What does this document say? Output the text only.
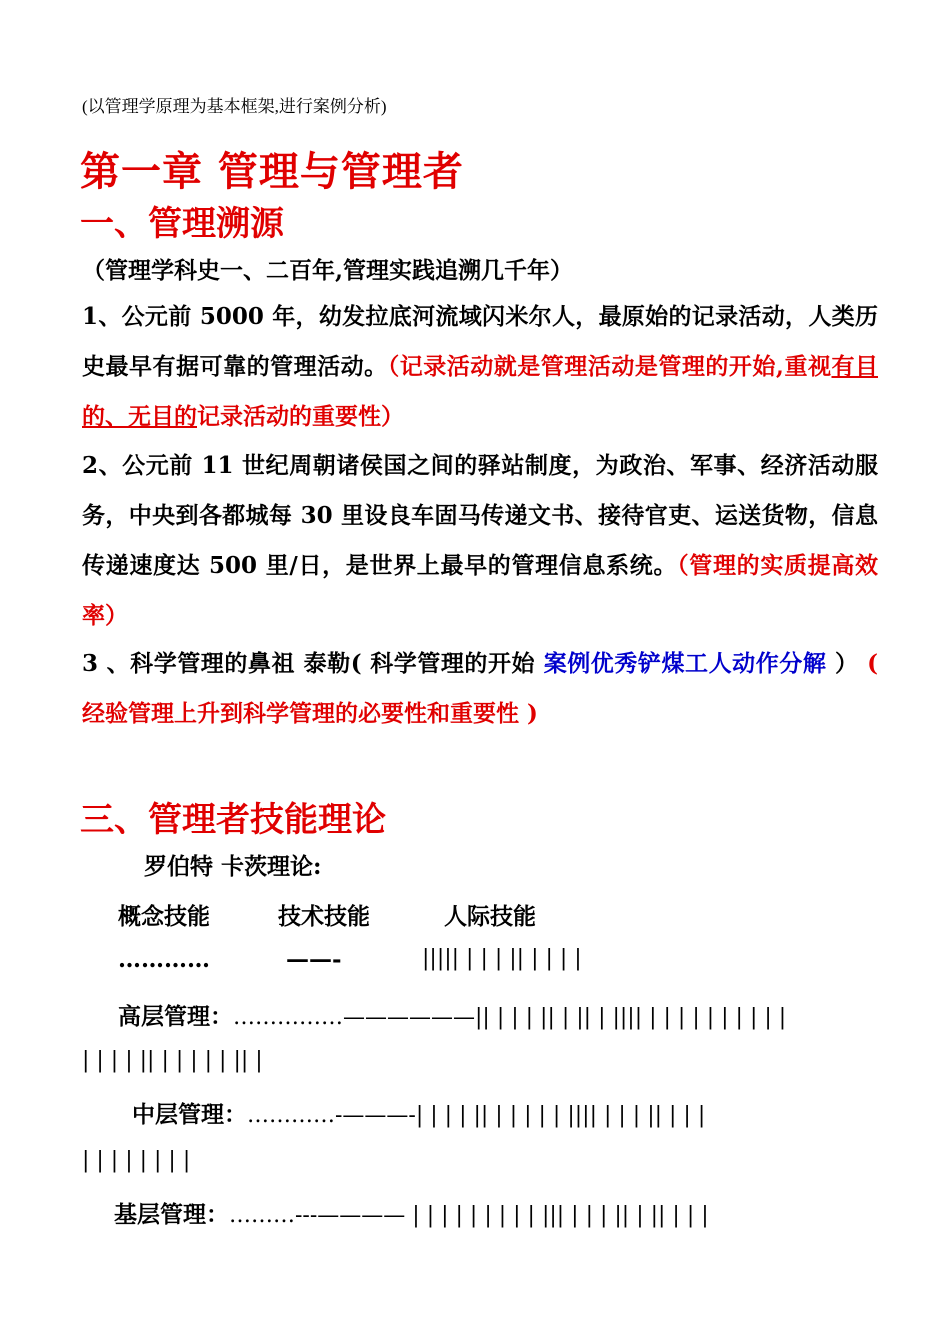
(以管理学原理为基本框架,进行案例分析)
第一章 管理与管理者
一、管理溯源
（管理学科史一、二百年,管理实践追溯几千年）
1、公元前 5000 年，幼发拉底河流域闪米尔人，最原始的记录活动，人类历史最早有据可靠的管理活动。（记录活动就是管理活动是管理的开始,重视有目的、无目的记录活动的重要性）
2、公元前 11 世纪周朝诸侯国之间的驿站制度，为政治、军事、经济活动服务，中央到各都城每 30 里设良车固马传递文书、接待官吏、运送货物，信息传递速度达 500 里/日，是世界上最早的管理信息系统。（管理的实质提高效率）
3 、科学管理的鼻祖 泰勒( 科学管理的开始 案例优秀铲煤工人动作分解 ） ( 经验管理上升到科学管理的必要性和重要性 )
三、管理者技能理论
罗伯特 卡茨理论:
概念技能	技术技能	人际技能
…………	——-	||||| | | | || | | | |
高层管理：……………——————|| | | | || | || | |||| | | | | | | | | | |
| | | | || | | | | | || |
中层管理：…………-———-| | | | || | | | | | |||| | | | || | | |
| | | | | | | |
基层管理：………---———— | | | | | | | | | ||| | | | || | || | | |
